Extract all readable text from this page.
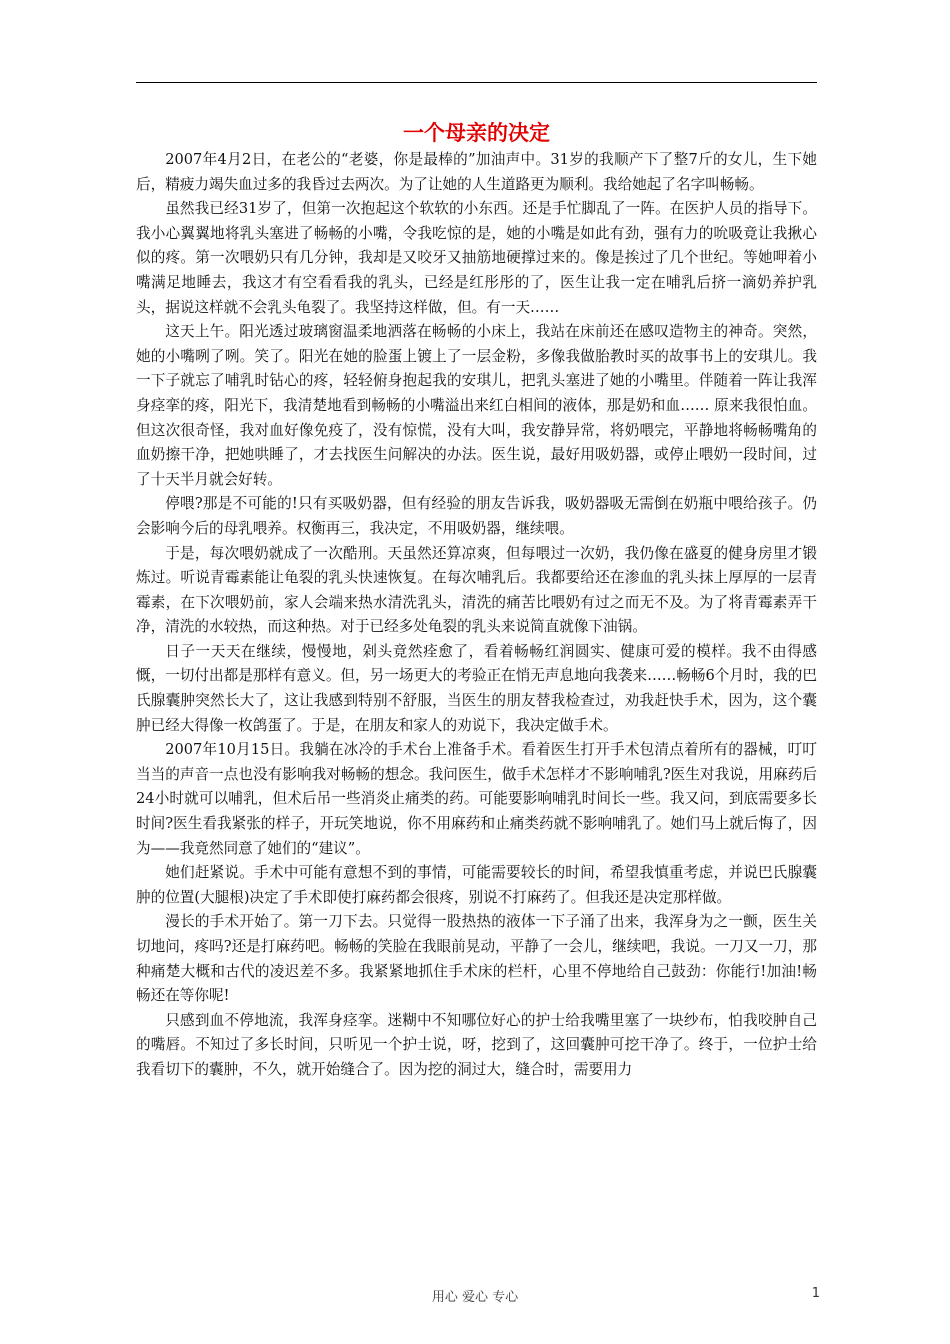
一个母亲的决定

2007年4月2日，在老公的“老婆，你是最棒的”加油声中。31岁的我顺产下了整7斤的女儿，生下她后，精疲力竭失血过多的我昏过去两次。为了让她的人生道路更为顺利。我给她起了名字叫畅畅。

虽然我已经31岁了，但第一次抱起这个软软的小东西。还是手忙脚乱了一阵。在医护人员的指导下。我小心翼翼地将乳头塞进了畅畅的小嘴，令我吃惊的是，她的小嘴是如此有劲，强有力的吮吸竟让我揪心似的疼。第一次喂奶只有几分钟，我却是又咬牙又抽筋地硬撑过来的。像是挨过了几个世纪。等她呷着小嘴满足地睡去，我这才有空看看我的乳头，已经是红彤彤的了，医生让我一定在哺乳后挤一滴奶养护乳头，据说这样就不会乳头龟裂了。我坚持这样做，但。有一天……

这天上午。阳光透过玻璃窗温柔地洒落在畅畅的小床上，我站在床前还在感叹造物主的神奇。突然，她的小嘴咧了咧。笑了。阳光在她的脸蛋上镀上了一层金粉，多像我做胎教时买的故事书上的安琪儿。我一下子就忘了哺乳时钻心的疼，轻轻俯身抱起我的安琪儿，把乳头塞进了她的小嘴里。伴随着一阵让我浑身痉挛的疼，阳光下，我清楚地看到畅畅的小嘴溢出来红白相间的液体，那是奶和血…… 原来我很怕血。但这次很奇怪，我对血好像免疫了，没有惊慌，没有大叫，我安静异常，将奶喂完，平静地将畅畅嘴角的血奶擦干净，把她哄睡了，才去找医生问解决的办法。医生说，最好用吸奶器，或停止喂奶一段时间，过了十天半月就会好转。

停喂?那是不可能的!只有买吸奶器，但有经验的朋友告诉我，吸奶器吸无需倒在奶瓶中喂给孩子。仍会影响今后的母乳喂养。权衡再三，我决定，不用吸奶器，继续喂。

于是，每次喂奶就成了一次酷刑。天虽然还算凉爽，但每喂过一次奶，我仍像在盛夏的健身房里才锻炼过。听说青霉素能让龟裂的乳头快速恢复。在每次哺乳后。我都要给还在渗血的乳头抹上厚厚的一层青霉素，在下次喂奶前，家人会端来热水清洗乳头，清洗的痛苦比喂奶有过之而无不及。为了将青霉素弄干净，清洗的水较热，而这种热。对于已经多处龟裂的乳头来说简直就像下油锅。

日子一天天在继续，慢慢地，剁头竟然痊愈了，看着畅畅红润圆实、健康可爱的模样。我不由得感慨，一切付出都是那样有意义。但，另一场更大的考验正在悄无声息地向我袭来……畅畅6个月时，我的巴氏腺囊肿突然长大了，这让我感到特别不舒服，当医生的朋友替我检查过，劝我赶快手术，因为，这个囊肿已经大得像一枚鸽蛋了。于是，在朋友和家人的劝说下，我决定做手术。

2007年10月15日。我躺在冰冷的手术台上准备手术。看着医生打开手术包清点着所有的器械，叮叮当当的声音一点也没有影响我对畅畅的想念。我问医生，做手术怎样才不影响哺乳?医生对我说，用麻药后24小时就可以哺乳，但术后吊一些消炎止痛类的药。可能要影响哺乳时间长一些。我又问，到底需要多长时间?医生看我紧张的样子，开玩笑地说，你不用麻药和止痛类药就不影响哺乳了。她们马上就后悔了，因为——我竟然同意了她们的“建议”。

她们赶紧说。手术中可能有意想不到的事情，可能需要较长的时间，希望我慎重考虑，并说巴氏腺囊肿的位置(大腿根)决定了手术即使打麻药都会很疼，别说不打麻药了。但我还是决定那样做。

漫长的手术开始了。第一刀下去。只觉得一股热热的液体一下子涌了出来，我浑身为之一颤，医生关切地问，疼吗?还是打麻药吧。畅畅的笑脸在我眼前晃动，平静了一会儿，继续吧，我说。一刀又一刀，那种痛楚大概和古代的凌迟差不多。我紧紧地抓住手术床的栏杆，心里不停地给自己鼓劲：你能行!加油!畅畅还在等你呢!

只感到血不停地流，我浑身痉挛。迷糊中不知哪位好心的护士给我嘴里塞了一块纱布，怕我咬肿自己的嘴唇。不知过了多长时间，只听见一个护士说，呀，挖到了，这回囊肿可挖干净了。终于，一位护士给我看切下的囊肿，不久，就开始缝合了。因为挖的洞过大，缝合时，需要用力

用心 爱心 专心	1
